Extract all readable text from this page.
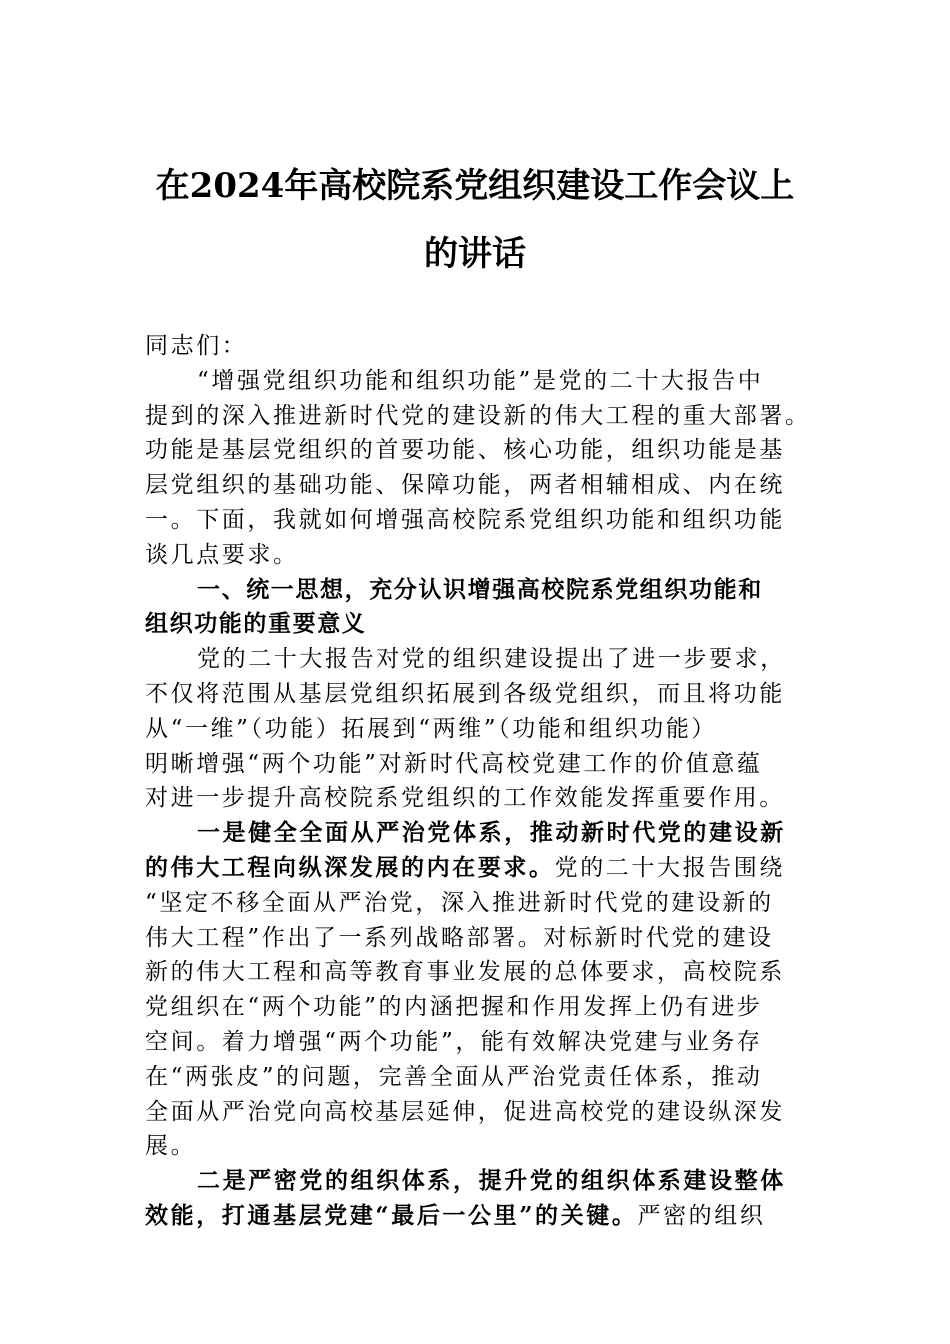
在2024年高校院系党组织建设工作会议上
的讲话
同志们：
“增强党组织功能和组织功能”是党的二十大报告中
提到的深入推进新时代党的建设新的伟大工程的重大部署。
功能是基层党组织的首要功能、核心功能，组织功能是基
层党组织的基础功能、保障功能，两者相辅相成、内在统
一。下面，我就如何增强高校院系党组织功能和组织功能
谈几点要求。
一、统一思想，充分认识增强高校院系党组织功能和
组织功能的重要意义
党的二十大报告对党的组织建设提出了进一步要求，
不仅将范围从基层党组织拓展到各级党组织，而且将功能
从“一维”（功能）拓展到“两维”（功能和组织功能）
明晰增强“两个功能”对新时代高校党建工作的价值意蕴
对进一步提升高校院系党组织的工作效能发挥重要作用。
一是健全全面从严治党体系，推动新时代党的建设新
的伟大工程向纵深发展的内在要求。党的二十大报告围绕
“坚定不移全面从严治党，深入推进新时代党的建设新的
伟大工程”作出了一系列战略部署。对标新时代党的建设
新的伟大工程和高等教育事业发展的总体要求，高校院系
党组织在“两个功能”的内涵把握和作用发挥上仍有进步
空间。着力增强“两个功能”，能有效解决党建与业务存
在“两张皮”的问题，完善全面从严治党责任体系，推动
全面从严治党向高校基层延伸，促进高校党的建设纵深发
展。
二是严密党的组织体系，提升党的组织体系建设整体
效能，打通基层党建“最后一公里”的关键。严密的组织
